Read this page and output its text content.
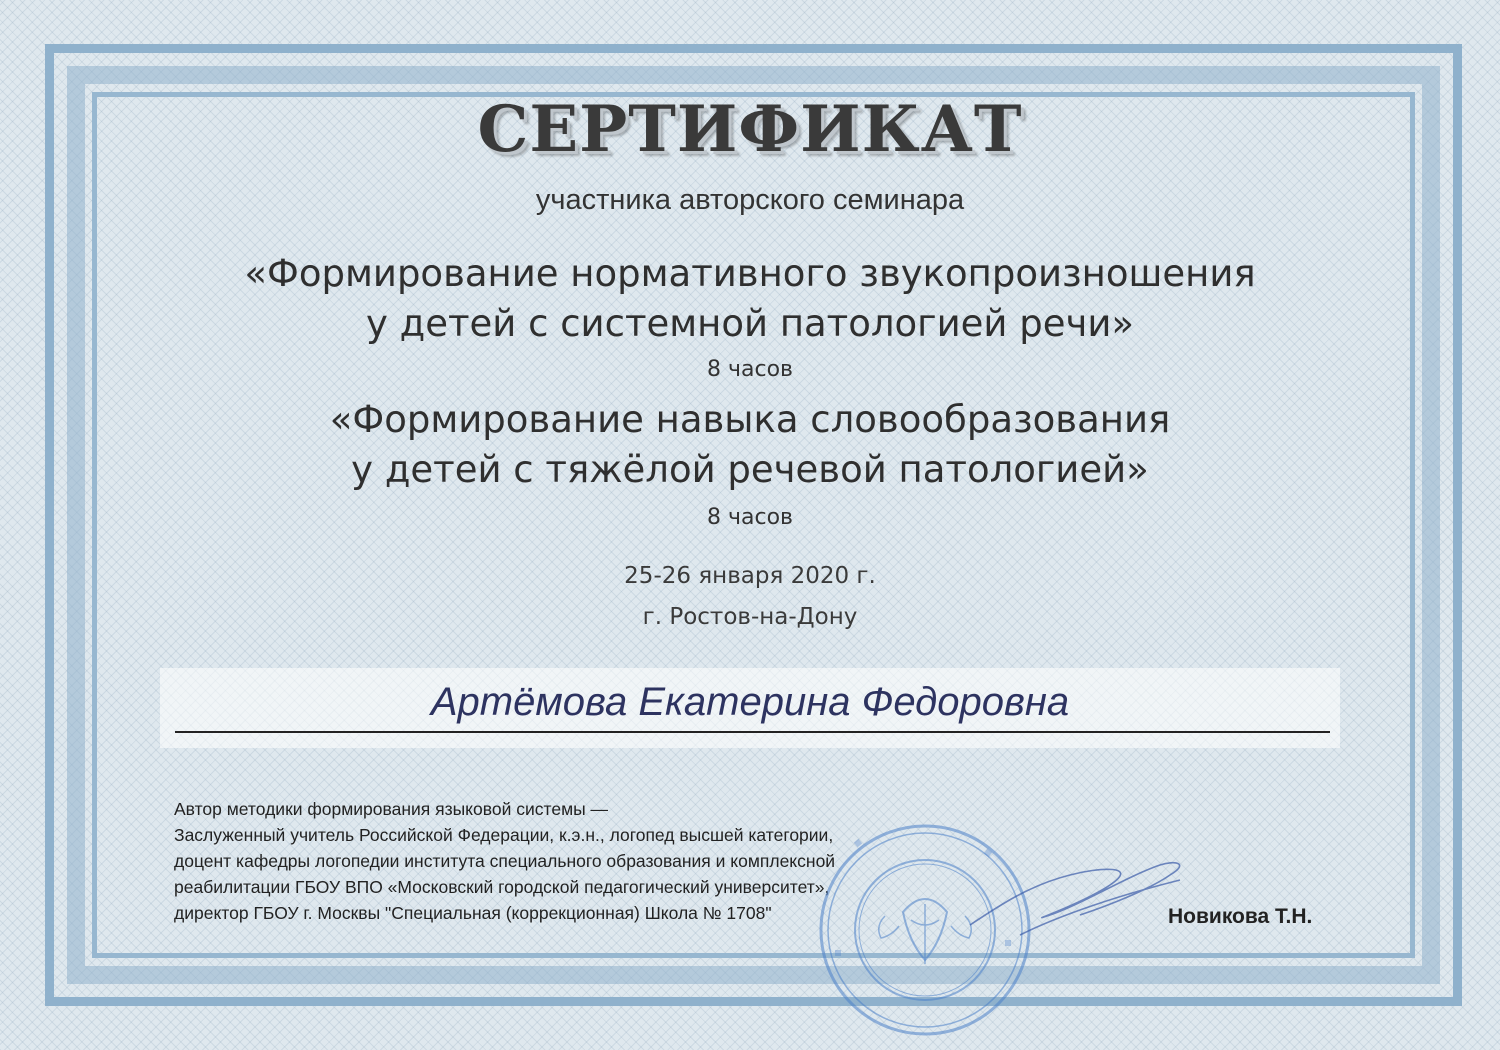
СЕРТИФИКАТ
участника авторского семинара
«Формирование нормативного звукопроизношения
у детей с системной патологией речи»
8 часов
«Формирование навыка словообразования
у детей с тяжёлой речевой патологией»
8 часов
25-26 января 2020 г.
г. Ростов-на-Дону
Артёмова Екатерина Федоровна
Автор методики формирования языковой системы —
Заслуженный учитель Российской Федерации, к.э.н., логопед высшей категории,
доцент кафедры логопедии института специального образования и комплексной
реабилитации ГБОУ ВПО «Московский городской педагогический университет»,
директор ГБОУ г. Москвы "Специальная (коррекционная) Школа № 1708"	Новикова Т.Н.
